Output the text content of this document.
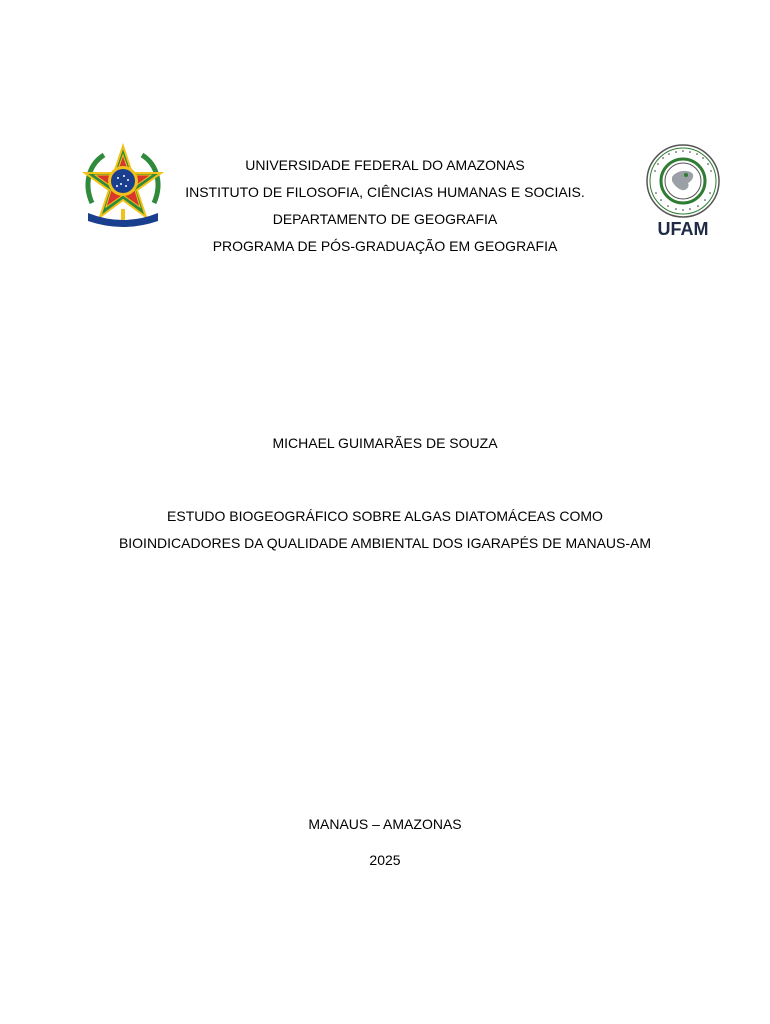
UNIVERSIDADE FEDERAL DO AMAZONAS
INSTITUTO DE FILOSOFIA, CIÊNCIAS HUMANAS E SOCIAIS.
DEPARTAMENTO DE GEOGRAFIA
PROGRAMA DE PÓS-GRADUAÇÃO EM GEOGRAFIA
UFAM
MICHAEL GUIMARÃES DE SOUZA
ESTUDO BIOGEOGRÁFICO SOBRE ALGAS DIATOMÁCEAS COMO
BIOINDICADORES DA QUALIDADE AMBIENTAL DOS IGARAPÉS DE MANAUS-AM
MANAUS – AMAZONAS
2025
